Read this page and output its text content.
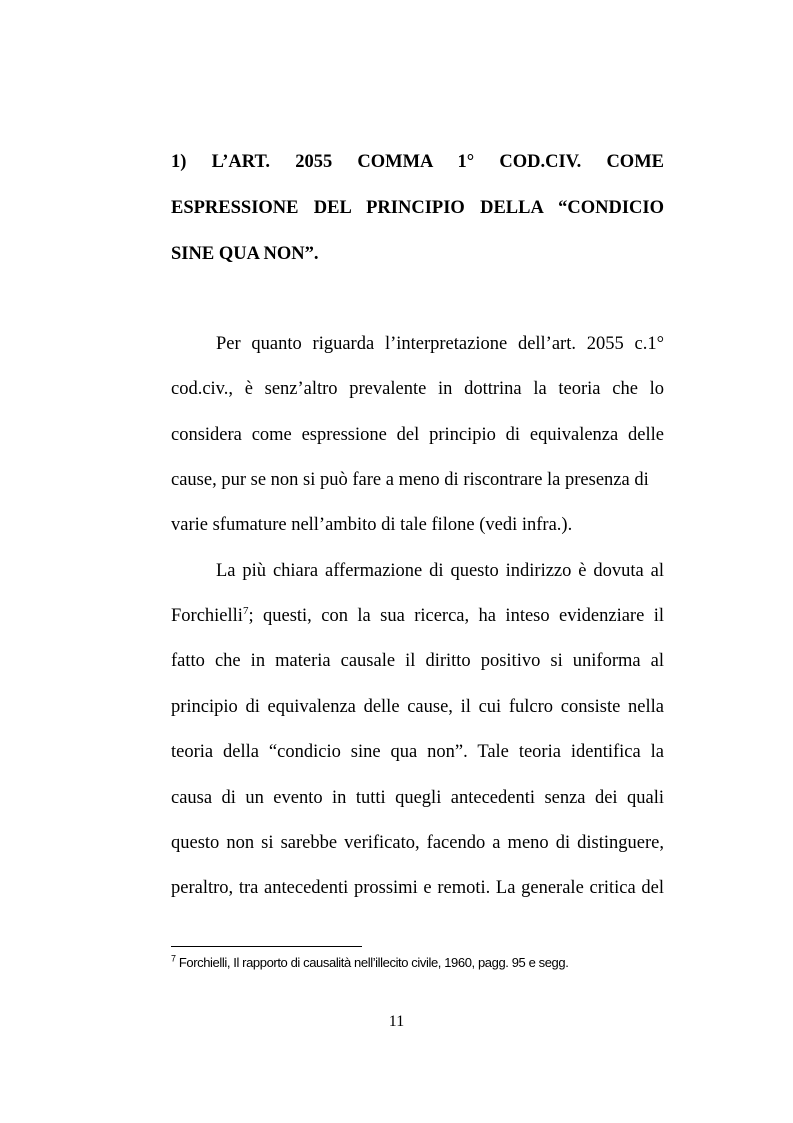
1) L’ART. 2055 COMMA 1° COD.CIV. COME

ESPRESSIONE DEL PRINCIPIO DELLA “CONDICIO

SINE QUA NON”.

Per quanto riguarda l’interpretazione dell’art. 2055 c.1°

cod.civ., è senz’altro prevalente in dottrina la teoria che lo

considera come espressione del principio di equivalenza delle

cause, pur se non si può fare a meno di riscontrare la presenza di

varie sfumature nell’ambito di tale filone (vedi infra.).

La più chiara affermazione di questo indirizzo è dovuta al

Forchielli$^7$; questi, con la sua ricerca, ha inteso evidenziare il

fatto che in materia causale il diritto positivo si uniforma al

principio di equivalenza delle cause, il cui fulcro consiste nella

teoria della “condicio sine qua non”. Tale teoria identifica la

causa di un evento in tutti quegli antecedenti senza dei quali

questo non si sarebbe verificato, facendo a meno di distinguere,

peraltro, tra antecedenti prossimi e remoti. La generale critica del

$^7$ Forchielli, Il rapporto di causalità nell’illecito civile, 1960, pagg. 95 e segg.
11
